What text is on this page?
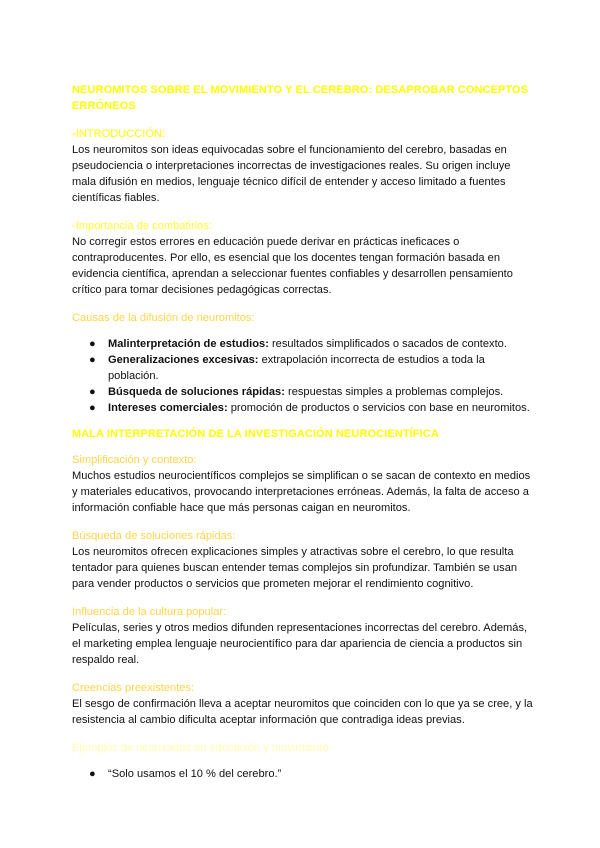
NEUROMITOS SOBRE EL MOVIMIENTO Y EL CEREBRO: DESAPROBAR CONCEPTOS ERRÓNEOS

-INTRODUCCIÓN:

Los neuromitos son ideas equivocadas sobre el funcionamiento del cerebro, basadas en pseudociencia o interpretaciones incorrectas de investigaciones reales. Su origen incluye mala difusión en medios, lenguaje técnico difícil de entender y acceso limitado a fuentes científicas fiables.

-Importancia de combatirlos:

No corregir estos errores en educación puede derivar en prácticas ineficaces o contraproducentes. Por ello, es esencial que los docentes tengan formación basada en evidencia científica, aprendan a seleccionar fuentes confiables y desarrollen pensamiento crítico para tomar decisiones pedagógicas correctas.

Causas de la difusión de neuromitos:

● Malinterpretación de estudios: resultados simplificados o sacados de contexto.
● Generalizaciones excesivas: extrapolación incorrecta de estudios a toda la población.
● Búsqueda de soluciones rápidas: respuestas simples a problemas complejos.
● Intereses comerciales: promoción de productos o servicios con base en neuromitos.

MALA INTERPRETACIÓN DE LA INVESTIGACIÓN NEUROCIENTÍFICA

Simplificación y contexto:

Muchos estudios neurocientíficos complejos se simplifican o se sacan de contexto en medios y materiales educativos, provocando interpretaciones erróneas. Además, la falta de acceso a información confiable hace que más personas caigan en neuromitos.

Búsqueda de soluciones rápidas:

Los neuromitos ofrecen explicaciones simples y atractivas sobre el cerebro, lo que resulta tentador para quienes buscan entender temas complejos sin profundizar. También se usan para vender productos o servicios que prometen mejorar el rendimiento cognitivo.

Influencia de la cultura popular:

Películas, series y otros medios difunden representaciones incorrectas del cerebro. Además, el marketing emplea lenguaje neurocientífico para dar apariencia de ciencia a productos sin respaldo real.

Creencias preexistentes:

El sesgo de confirmación lleva a aceptar neuromitos que coinciden con lo que ya se cree, y la resistencia al cambio dificulta aceptar información que contradiga ideas previas.

Ejemplos de neuromitos en educación y movimiento:

● “Solo usamos el 10 % del cerebro.”
